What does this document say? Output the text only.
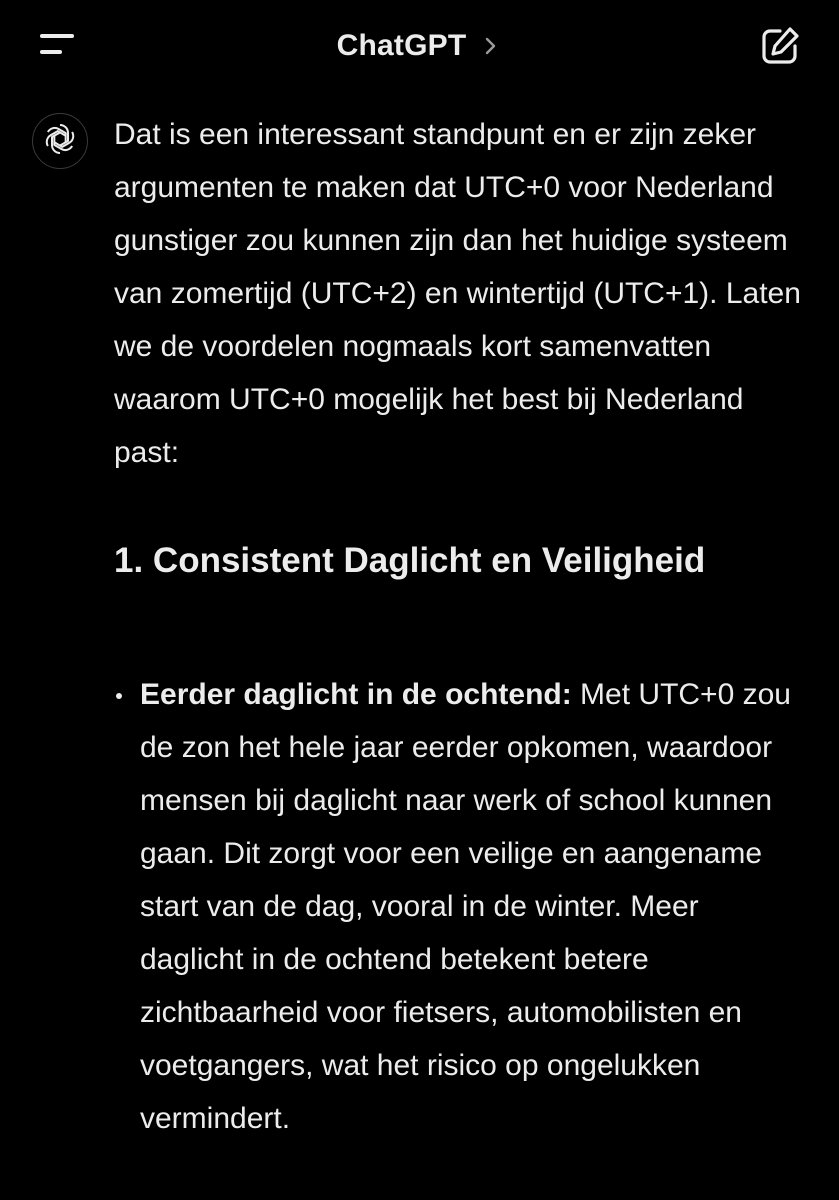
ChatGPT

Dat is een interessant standpunt en er zijn zeker argumenten te maken dat UTC+0 voor Nederland gunstiger zou kunnen zijn dan het huidige systeem van zomertijd (UTC+2) en wintertijd (UTC+1). Laten we de voordelen nogmaals kort samenvatten waarom UTC+0 mogelijk het best bij Nederland past:

1. Consistent Daglicht en Veiligheid
Eerder daglicht in de ochtend: Met UTC+0 zou de zon het hele jaar eerder opkomen, waardoor mensen bij daglicht naar werk of school kunnen gaan. Dit zorgt voor een veilige en aangename start van de dag, vooral in de winter. Meer daglicht in de ochtend betekent betere zichtbaarheid voor fietsers, automobilisten en voetgangers, wat het risico op ongelukken vermindert.
